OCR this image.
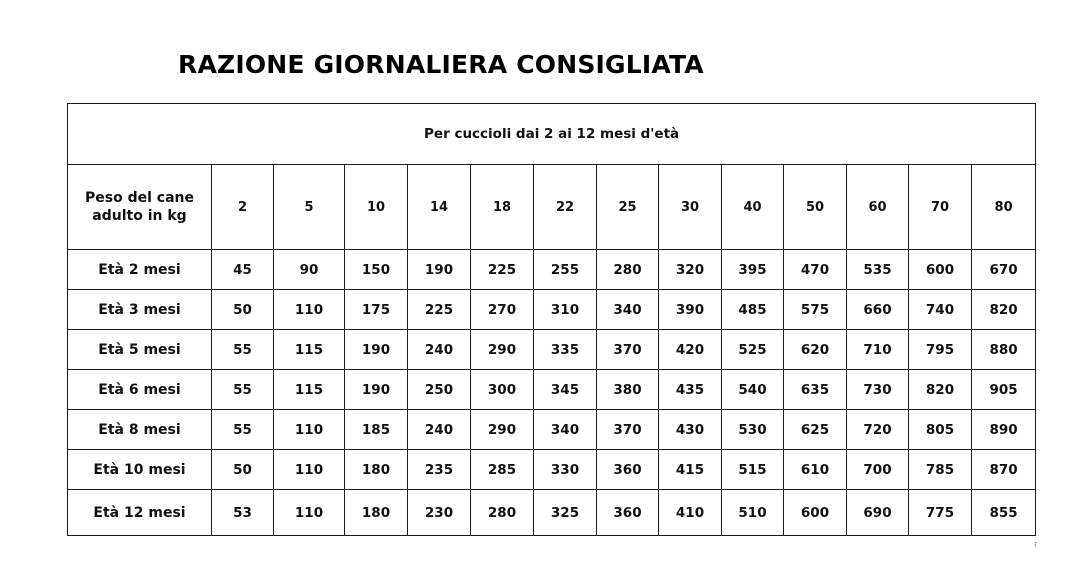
RAZIONE GIORNALIERA CONSIGLIATA
Per cuccioli dai 2 ai 12 mesi d'età													
Peso del cane
adulto in kg	2	5	10	14	18	22	25	30	40	50	60	70	80
Età 2 mesi	45	90	150	190	225	255	280	320	395	470	535	600	670
Età 3 mesi	50	110	175	225	270	310	340	390	485	575	660	740	820
Età 5 mesi	55	115	190	240	290	335	370	420	525	620	710	795	880
Età 6 mesi	55	115	190	250	300	345	380	435	540	635	730	820	905
Età 8 mesi	55	110	185	240	290	340	370	430	530	625	720	805	890
Età 10 mesi	50	110	180	235	285	330	360	415	515	610	700	785	870
Età 12 mesi	53	110	180	230	280	325	360	410	510	600	690	775	855
r
